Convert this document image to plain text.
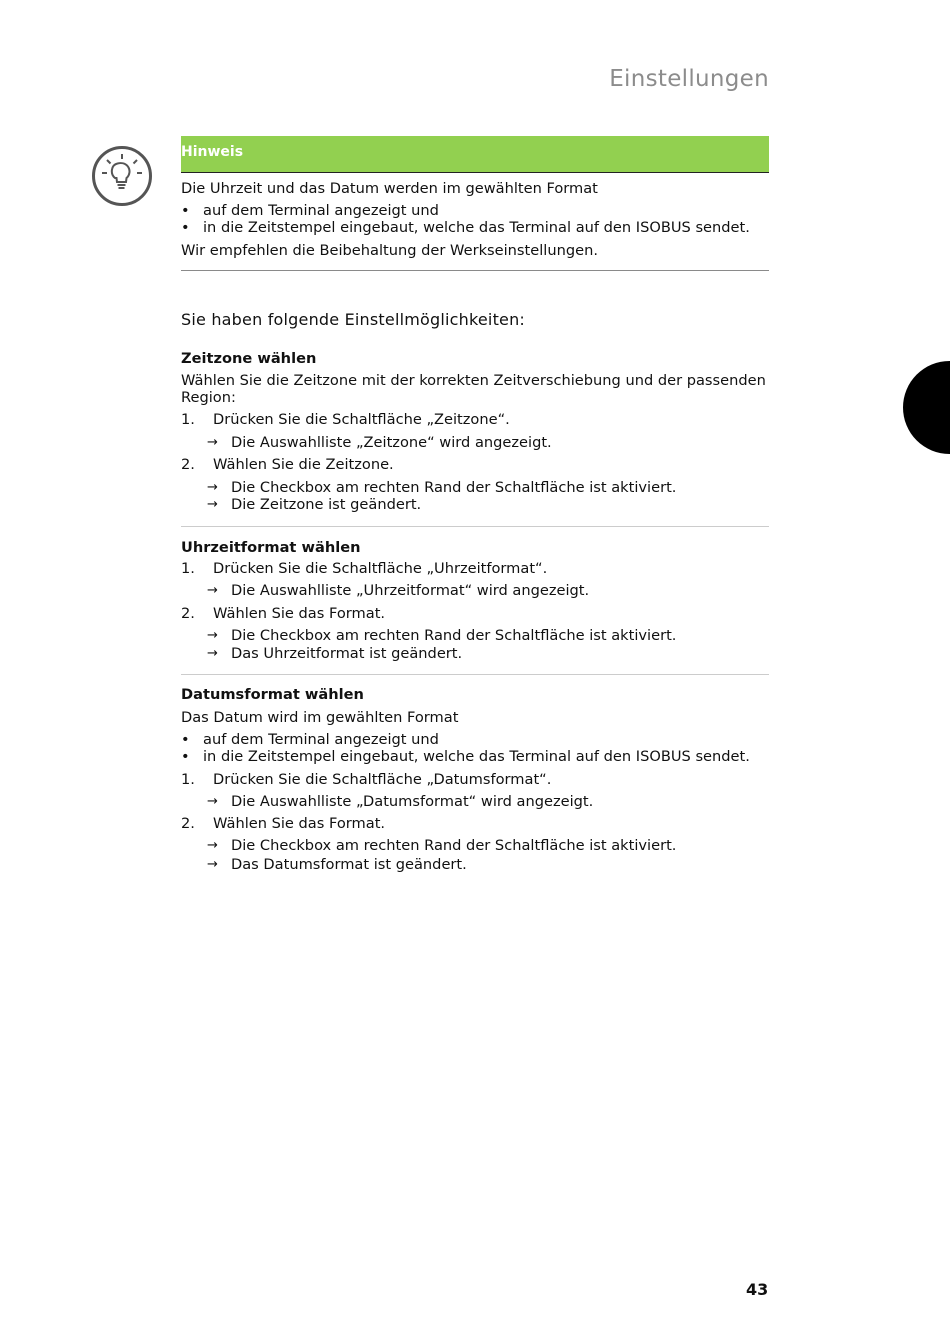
Einstellungen
Hinweis
Die Uhrzeit und das Datum werden im gewählten Format
• auf dem Terminal angezeigt und
• in die Zeitstempel eingebaut, welche das Terminal auf den ISOBUS sendet.
Wir empfehlen die Beibehaltung der Werkseinstellungen.
Sie haben folgende Einstellmöglichkeiten:
Zeitzone wählen
Wählen Sie die Zeitzone mit der korrekten Zeitverschiebung und der passenden
Region:
1. Drücken Sie die Schaltfläche „Zeitzone“.
→ Die Auswahlliste „Zeitzone“ wird angezeigt.
2. Wählen Sie die Zeitzone.
→ Die Checkbox am rechten Rand der Schaltfläche ist aktiviert.
→ Die Zeitzone ist geändert.
Uhrzeitformat wählen
1. Drücken Sie die Schaltfläche „Uhrzeitformat“.
→ Die Auswahlliste „Uhrzeitformat“ wird angezeigt.
2. Wählen Sie das Format.
→ Die Checkbox am rechten Rand der Schaltfläche ist aktiviert.
→ Das Uhrzeitformat ist geändert.
Datumsformat wählen
Das Datum wird im gewählten Format
• auf dem Terminal angezeigt und
• in die Zeitstempel eingebaut, welche das Terminal auf den ISOBUS sendet.
1. Drücken Sie die Schaltfläche „Datumsformat“.
→ Die Auswahlliste „Datumsformat“ wird angezeigt.
2. Wählen Sie das Format.
→ Die Checkbox am rechten Rand der Schaltfläche ist aktiviert.
→ Das Datumsformat ist geändert.
43
